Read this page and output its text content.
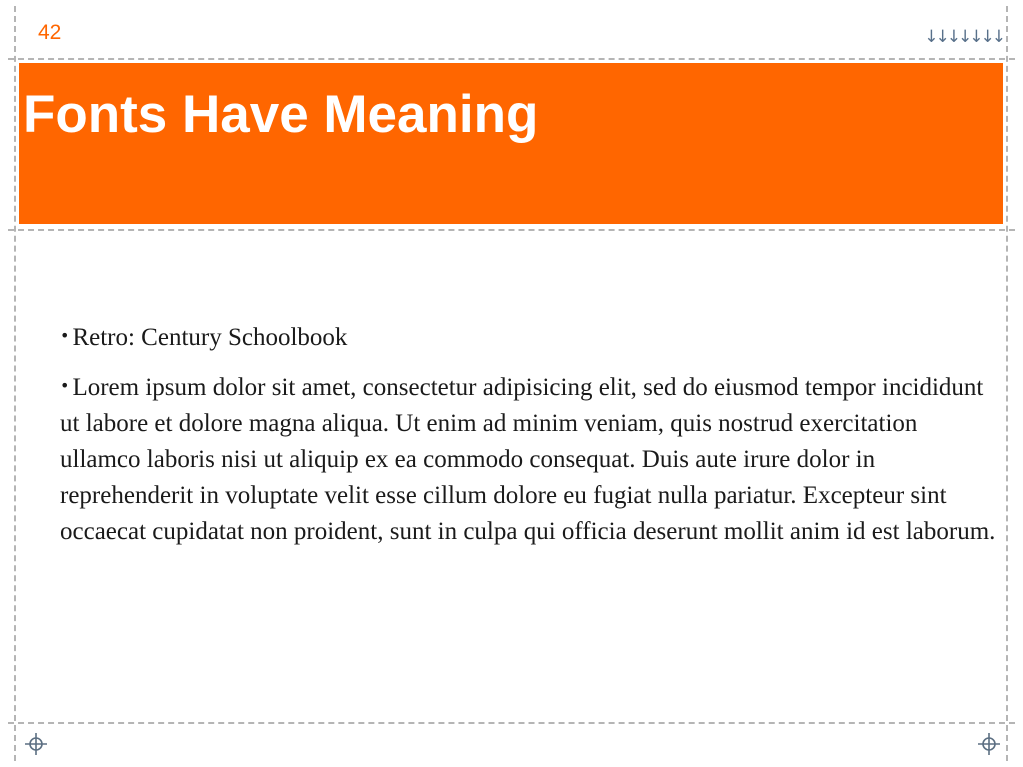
42	↓↓↓↓↓↓↓
Fonts Have Meaning

• Retro: Century Schoolbook

• Lorem ipsum dolor sit amet, consectetur adipisicing elit, sed do eiusmod tempor incididunt ut labore et dolore magna aliqua. Ut enim ad minim veniam, quis nostrud exercitation ullamco laboris nisi ut aliquip ex ea commodo consequat. Duis aute irure dolor in reprehenderit in voluptate velit esse cillum dolore eu fugiat nulla pariatur. Excepteur sint occaecat cupidatat non proident, sunt in culpa qui officia deserunt mollit anim id est laborum.
